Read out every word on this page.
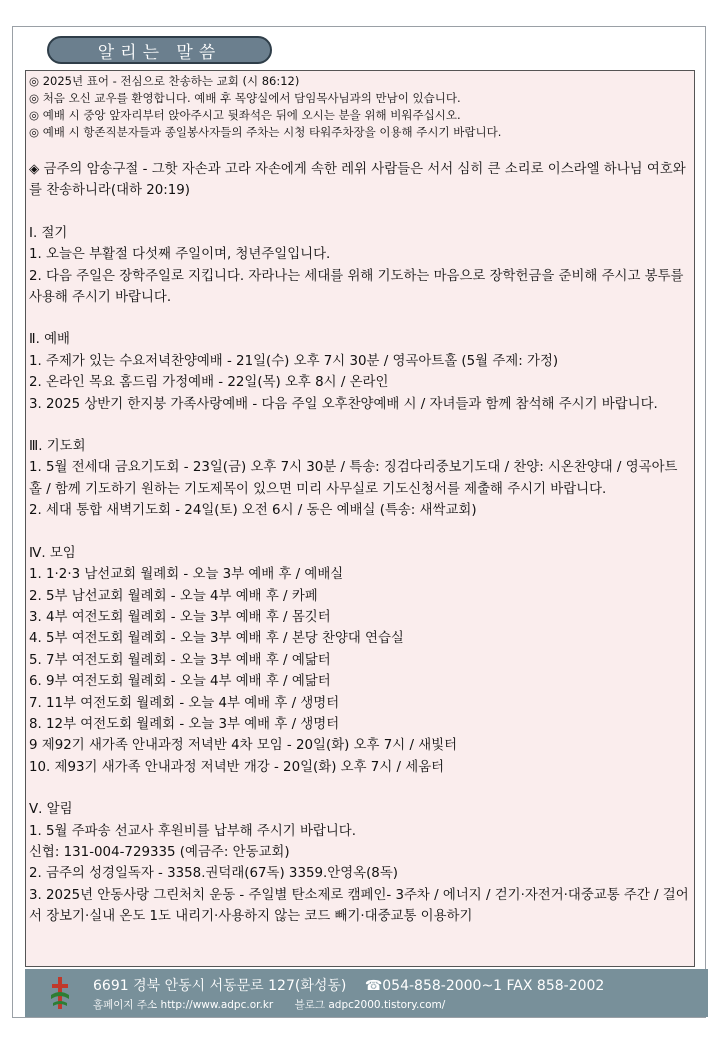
알리는 말씀

◎ 2025년 표어 - 전심으로 찬송하는 교회 (시 86:12)

◎ 처음 오신 교우를 환영합니다. 예배 후 목양실에서 담임목사님과의 만남이 있습니다.

◎ 예배 시 중앙 앞자리부터 앉아주시고 뒷좌석은 뒤에 오시는 분을 위해 비워주십시오.

◎ 예배 시 항존직분자들과 종일봉사자들의 주차는 시청 타워주차장을 이용해 주시기 바랍니다.

◈ 금주의 암송구절 - 그핫 자손과 고라 자손에게 속한 레위 사람들은 서서 심히 큰 소리로 이스라엘 하나님 여호와를 찬송하니라(대하 20:19)

Ⅰ. 절기

1. 오늘은 부활절 다섯째 주일이며, 청년주일입니다.

2. 다음 주일은 장학주일로 지킵니다. 자라나는 세대를 위해 기도하는 마음으로 장학헌금을 준비해 주시고 봉투를 사용해 주시기 바랍니다.

Ⅱ. 예배

1. 주제가 있는 수요저녁찬양예배 - 21일(수) 오후 7시 30분 / 영곡아트홀 (5월 주제: 가정)

2. 온라인 목요 홈드림 가정예배 - 22일(목) 오후 8시 / 온라인

3. 2025 상반기 한지붕 가족사랑예배 - 다음 주일 오후찬양예배 시 / 자녀들과 함께 참석해 주시기 바랍니다.

Ⅲ. 기도회

1. 5월 전세대 금요기도회 - 23일(금) 오후 7시 30분 / 특송: 징검다리중보기도대 / 찬양: 시온찬양대 / 영곡아트홀 / 함께 기도하기 원하는 기도제목이 있으면 미리 사무실로 기도신청서를 제출해 주시기 바랍니다.

2. 세대 통합 새벽기도회 - 24일(토) 오전 6시 / 동은 예배실 (특송: 새싹교회)

Ⅳ. 모임

1. 1·2·3 남선교회 월례회 - 오늘 3부 예배 후 / 예배실

2. 5부 남선교회 월례회 - 오늘 4부 예배 후 / 카페

3. 4부 여전도회 월례회 - 오늘 3부 예배 후 / 몸깃터

4. 5부 여전도회 월례회 - 오늘 3부 예배 후 / 본당 찬양대 연습실

5. 7부 여전도회 월례회 - 오늘 3부 예배 후 / 예닮터

6. 9부 여전도회 월례회 - 오늘 4부 예배 후 / 예닮터

7. 11부 여전도회 월례회 - 오늘 4부 예배 후 / 생명터

8. 12부 여전도회 월례회 - 오늘 3부 예배 후 / 생명터

9 제92기 새가족 안내과정 저녁반 4차 모임 - 20일(화) 오후 7시 / 새빛터

10. 제93기 새가족 안내과정 저녁반 개강 - 20일(화) 오후 7시 / 세움터

Ⅴ. 알림

1. 5월 주파송 선교사 후원비를 납부해 주시기 바랍니다.

신협: 131-004-729335 (예금주: 안동교회)

2. 금주의 성경일독자 - 3358.권덕래(67독) 3359.안영옥(8독)

3. 2025년 안동사랑 그린처치 운동 - 주일별 탄소제로 캠페인- 3주차 / 에너지 / 걷기·자전거·대중교통 주간 / 걸어서 장보기·실내 온도 1도 내리기·사용하지 않는 코드 빼기·대중교통 이용하기

6691 경북 안동시 서동문로 127(화성동) ☎054-858-2000~1 FAX 858-2002
홈페이지 주소 http://www.adpc.or.kr 블로그 adpc2000.tistory.com/
